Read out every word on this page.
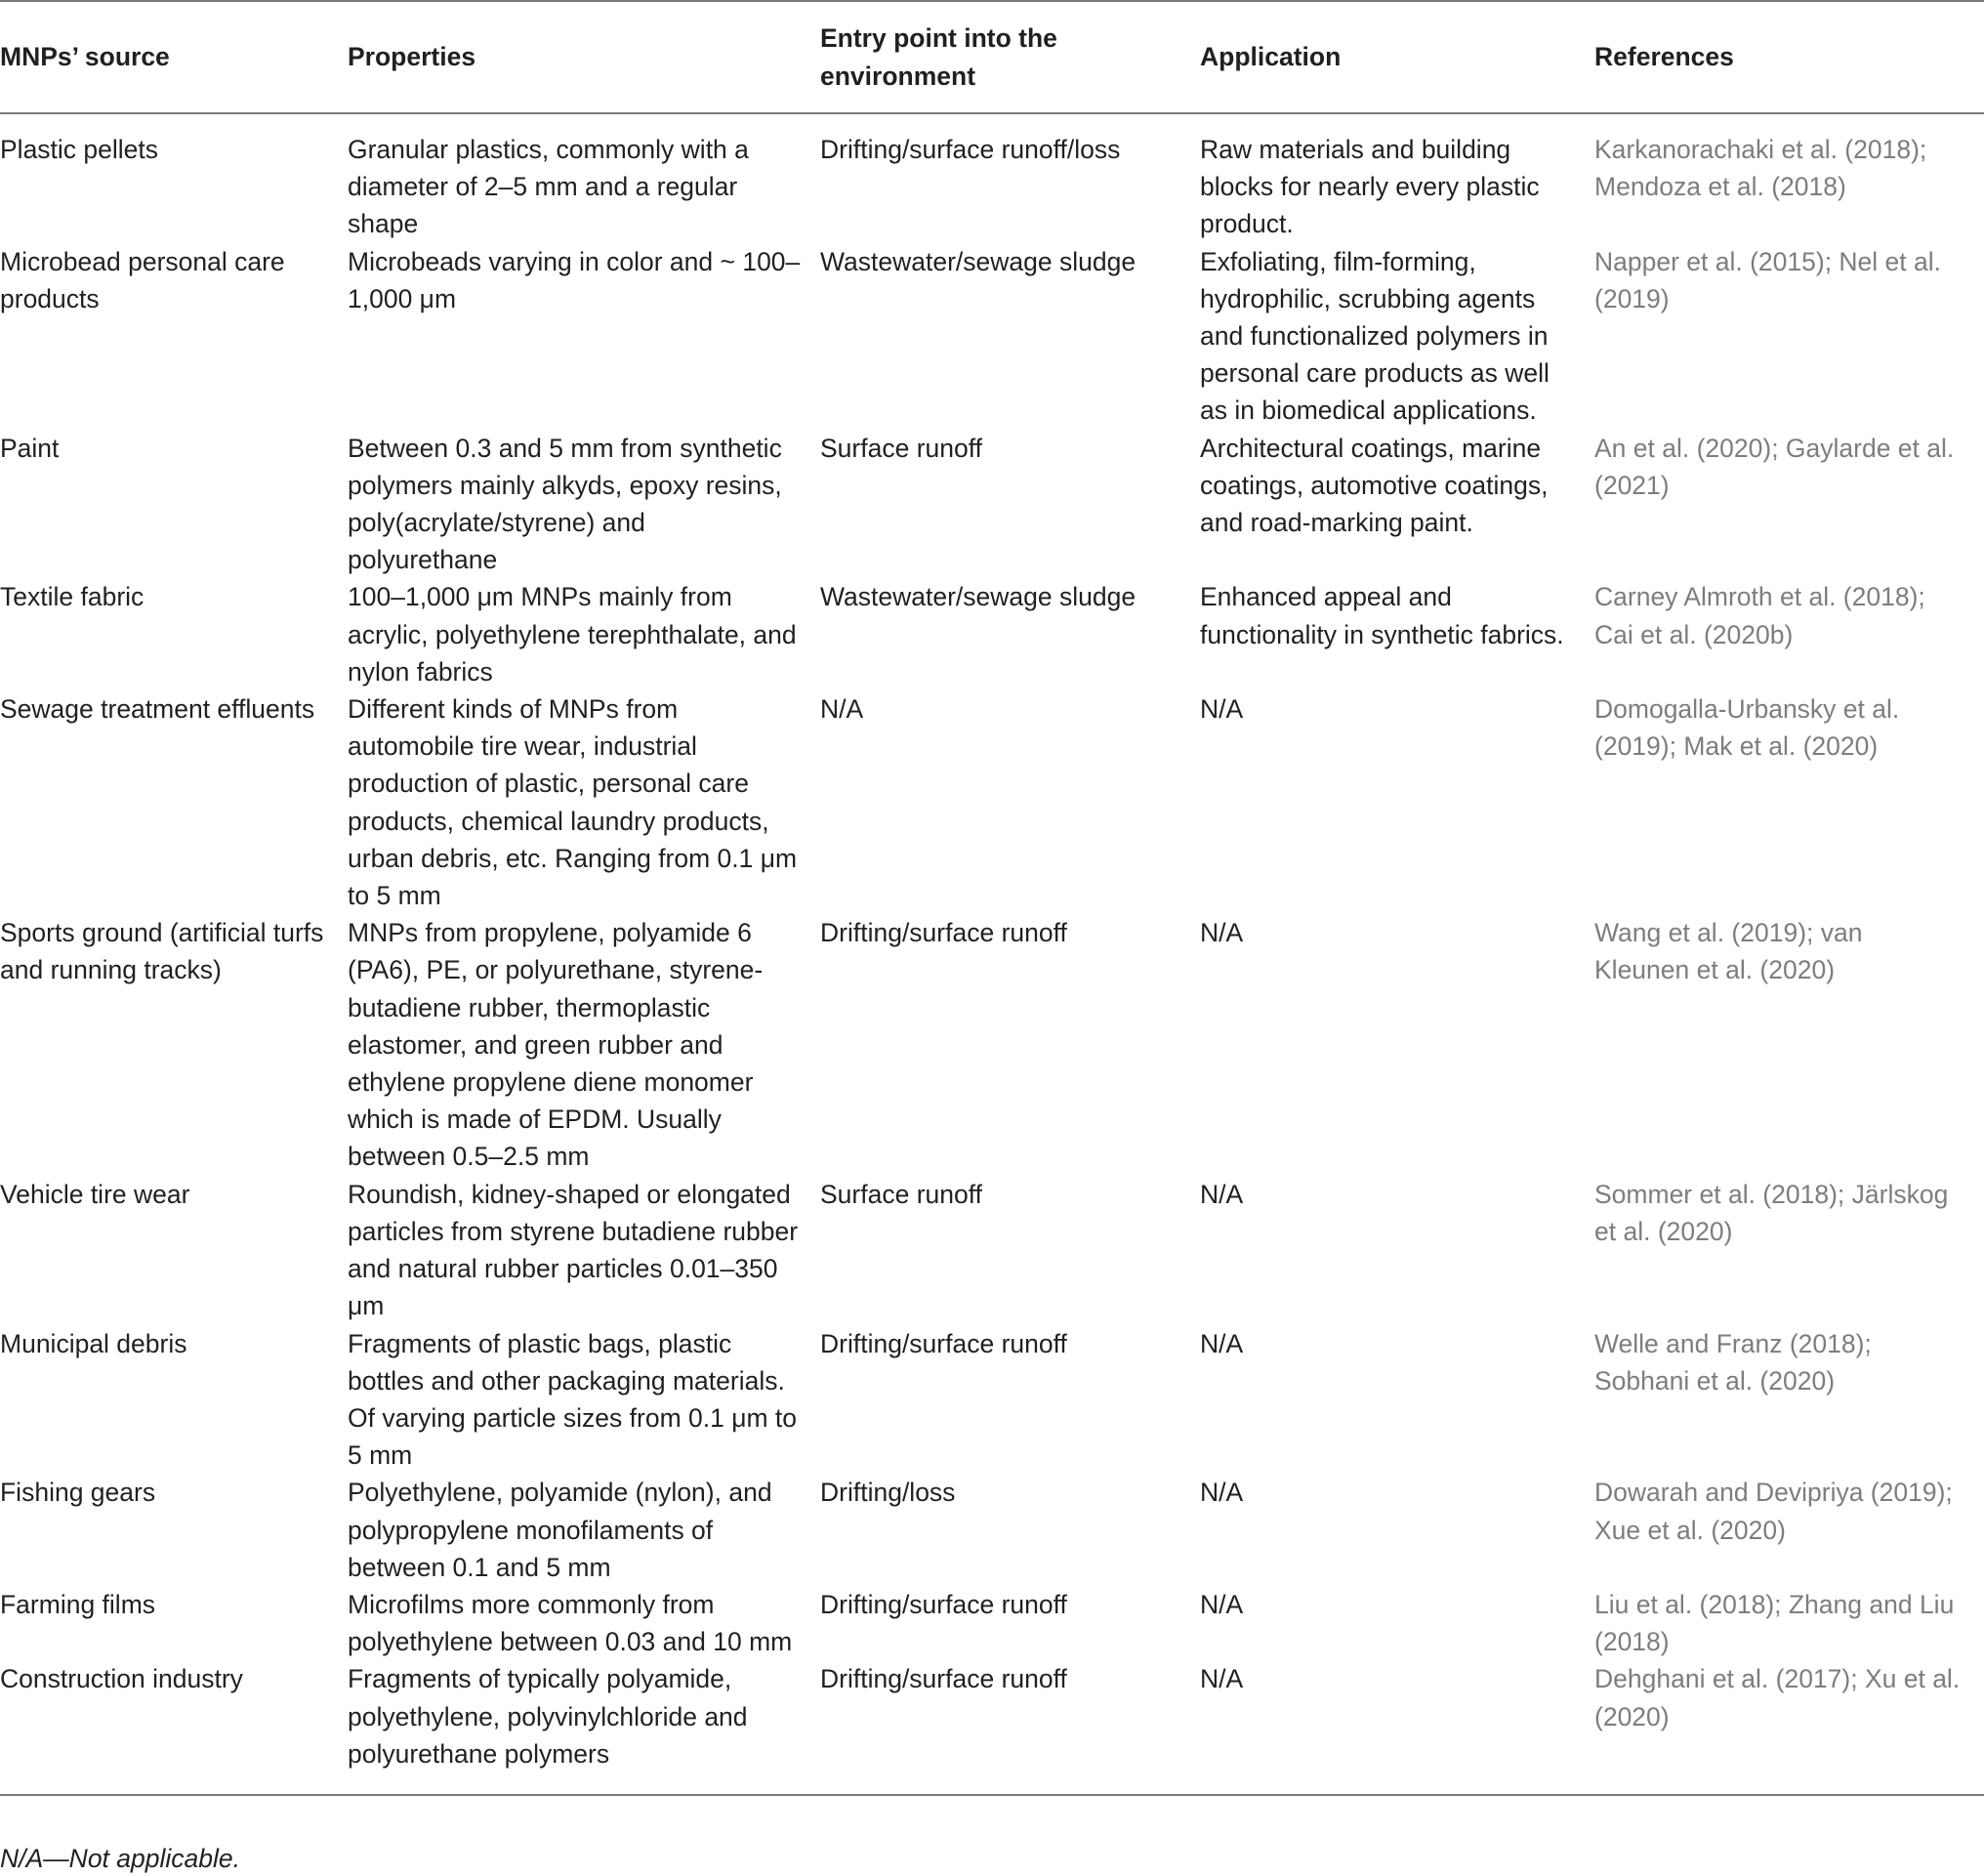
MNPs’ source	Properties	Entry point into the environment	Application	References
Plastic pellets	Granular plastics, commonly with a diameter of 2–5 mm and a regular shape	Drifting/surface runoff/loss	Raw materials and building blocks for nearly every plastic product.	Karkanorachaki et al. (2018); Mendoza et al. (2018)
Microbead personal care products	Microbeads varying in color and ~ 100–1,000 μm	Wastewater/sewage sludge	Exfoliating, film-forming, hydrophilic, scrubbing agents and functionalized polymers in personal care products as well as in biomedical applications.	Napper et al. (2015); Nel et al. (2019)
Paint	Between 0.3 and 5 mm from synthetic polymers mainly alkyds, epoxy resins, poly(acrylate/styrene) and polyurethane	Surface runoff	Architectural coatings, marine coatings, automotive coatings, and road-marking paint.	An et al. (2020); Gaylarde et al. (2021)
Textile fabric	100–1,000 μm MNPs mainly from acrylic, polyethylene terephthalate, and nylon fabrics	Wastewater/sewage sludge	Enhanced appeal and functionality in synthetic fabrics.	Carney Almroth et al. (2018); Cai et al. (2020b)
Sewage treatment effluents	Different kinds of MNPs from automobile tire wear, industrial production of plastic, personal care products, chemical laundry products, urban debris, etc. Ranging from 0.1 μm to 5 mm	N/A	N/A	Domogalla-Urbansky et al. (2019); Mak et al. (2020)
Sports ground (artificial turfs and running tracks)	MNPs from propylene, polyamide 6 (PA6), PE, or polyurethane, styrene-butadiene rubber, thermoplastic elastomer, and green rubber and ethylene propylene diene monomer which is made of EPDM. Usually between 0.5–2.5 mm	Drifting/surface runoff	N/A	Wang et al. (2019); van Kleunen et al. (2020)
Vehicle tire wear	Roundish, kidney-shaped or elongated particles from styrene butadiene rubber and natural rubber particles 0.01–350 μm	Surface runoff	N/A	Sommer et al. (2018); Järlskog et al. (2020)
Municipal debris	Fragments of plastic bags, plastic bottles and other packaging materials. Of varying particle sizes from 0.1 μm to 5 mm	Drifting/surface runoff	N/A	Welle and Franz (2018); Sobhani et al. (2020)
Fishing gears	Polyethylene, polyamide (nylon), and polypropylene monofilaments of between 0.1 and 5 mm	Drifting/loss	N/A	Dowarah and Devipriya (2019); Xue et al. (2020)
Farming films	Microfilms more commonly from polyethylene between 0.03 and 10 mm	Drifting/surface runoff	N/A	Liu et al. (2018); Zhang and Liu (2018)
Construction industry	Fragments of typically polyamide, polyethylene, polyvinylchloride and polyurethane polymers	Drifting/surface runoff	N/A	Dehghani et al. (2017); Xu et al. (2020)
N/A—Not applicable.
